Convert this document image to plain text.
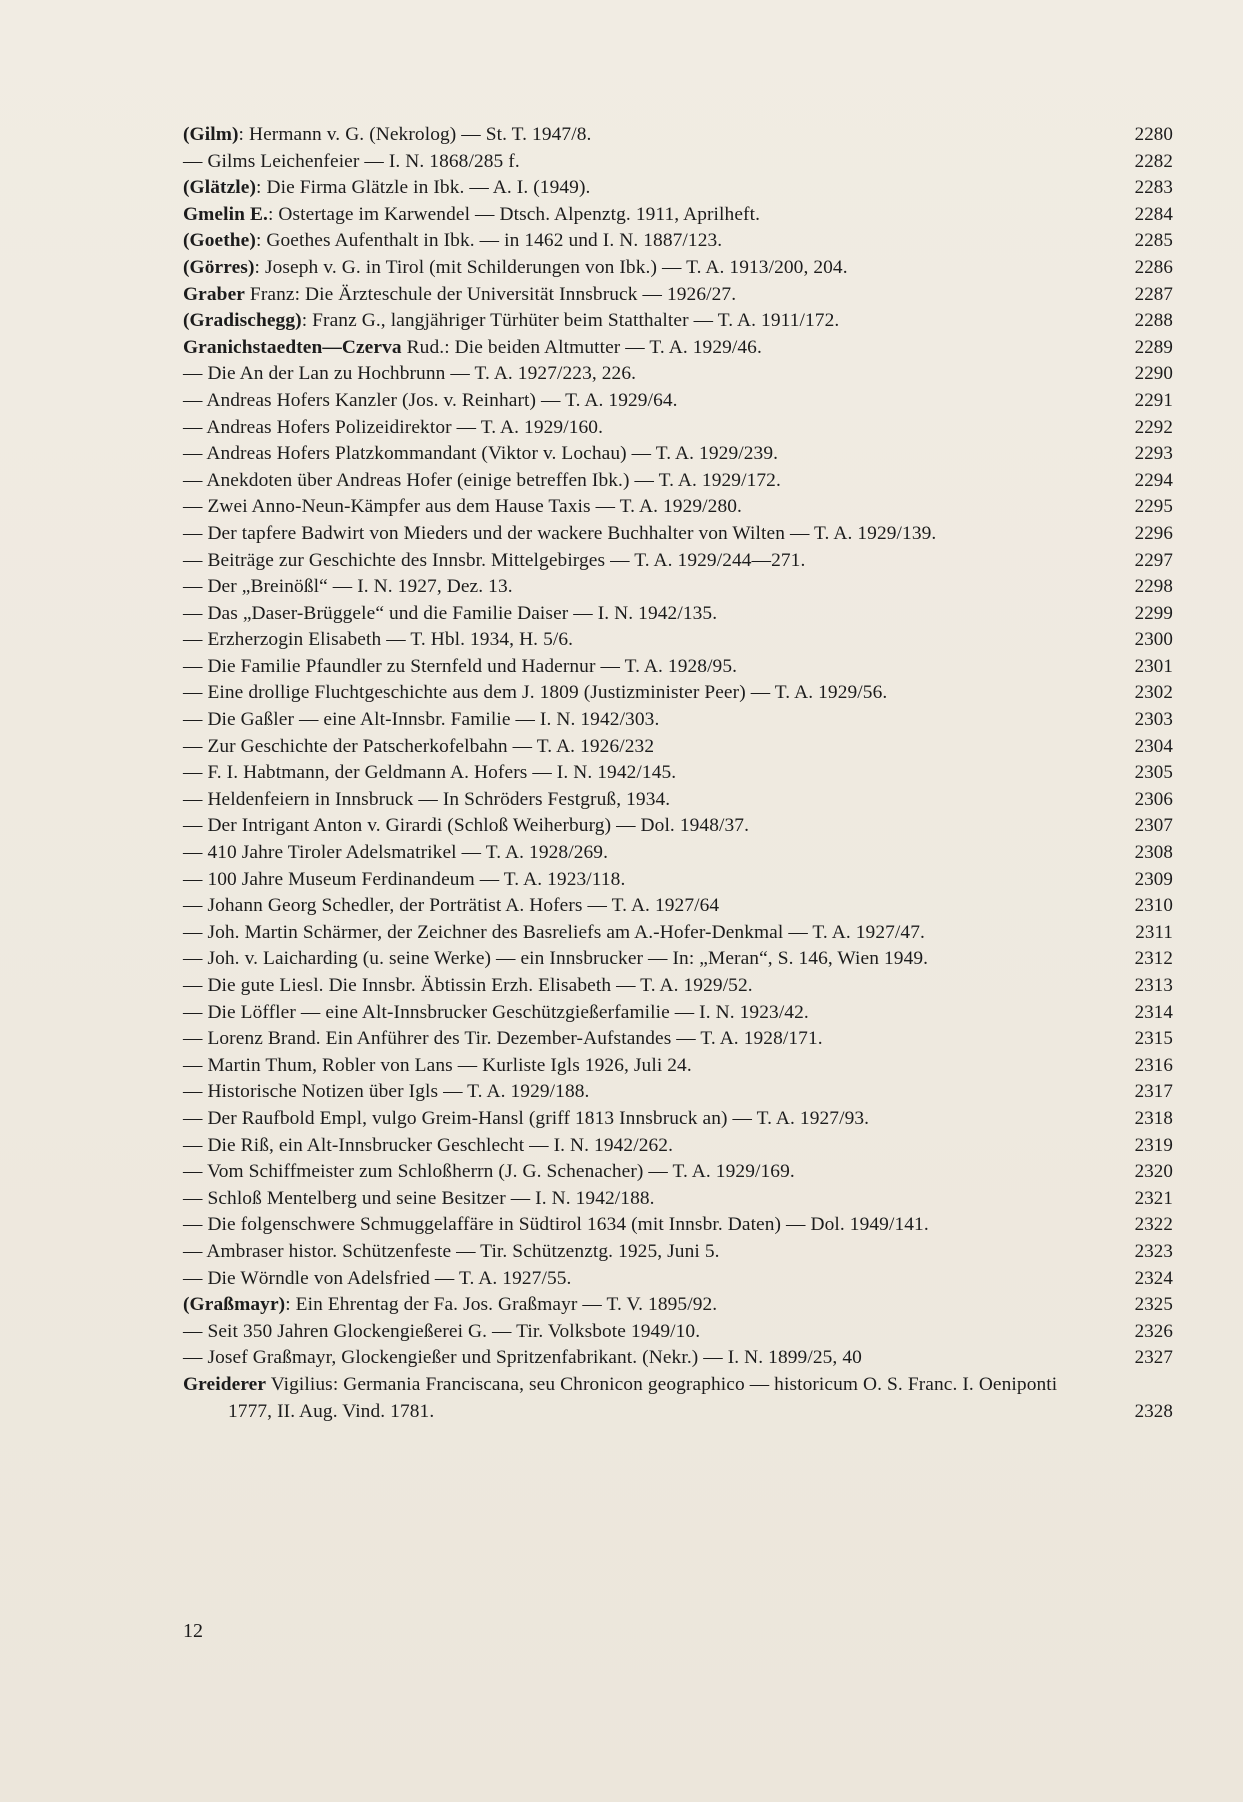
(Gilm): Hermann v. G. (Nekrolog) — St. T. 1947/8.	2280
— Gilms Leichenfeier — I. N. 1868/285 f.	2282
(Glätzle): Die Firma Glätzle in Ibk. — A. I. (1949).	2283
Gmelin E.: Ostertage im Karwendel — Dtsch. Alpenztg. 1911, Aprilheft.	2284
(Goethe): Goethes Aufenthalt in Ibk. — in 1462 und I. N. 1887/123.	2285
(Görres): Joseph v. G. in Tirol (mit Schilderungen von Ibk.) — T. A. 1913/200, 204.	2286
Graber Franz: Die Ärzteschule der Universität Innsbruck — 1926/27.	2287
(Gradischegg): Franz G., langjähriger Türhüter beim Statthalter — T. A. 1911/172.	2288
Granichstaedten—Czerva Rud.: Die beiden Altmutter — T. A. 1929/46.	2289
— Die An der Lan zu Hochbrunn — T. A. 1927/223, 226.	2290
— Andreas Hofers Kanzler (Jos. v. Reinhart) — T. A. 1929/64.	2291
— Andreas Hofers Polizeidirektor — T. A. 1929/160.	2292
— Andreas Hofers Platzkommandant (Viktor v. Lochau) — T. A. 1929/239.	2293
— Anekdoten über Andreas Hofer (einige betreffen Ibk.) — T. A. 1929/172.	2294
— Zwei Anno-Neun-Kämpfer aus dem Hause Taxis — T. A. 1929/280.	2295
— Der tapfere Badwirt von Mieders und der wackere Buchhalter von Wilten — T. A. 1929/139.	2296
— Beiträge zur Geschichte des Innsbr. Mittelgebirges — T. A. 1929/244—271.	2297
— Der „Breinößl“ — I. N. 1927, Dez. 13.	2298
— Das „Daser-Brüggele“ und die Familie Daiser — I. N. 1942/135.	2299
— Erzherzogin Elisabeth — T. Hbl. 1934, H. 5/6.	2300
— Die Familie Pfaundler zu Sternfeld und Hadernur — T. A. 1928/95.	2301
— Eine drollige Fluchtgeschichte aus dem J. 1809 (Justizminister Peer) — T. A. 1929/56.	2302
— Die Gaßler — eine Alt-Innsbr. Familie — I. N. 1942/303.	2303
— Zur Geschichte der Patscherkofelbahn — T. A. 1926/232	2304
— F. I. Habtmann, der Geldmann A. Hofers — I. N. 1942/145.	2305
— Heldenfeiern in Innsbruck — In Schröders Festgruß, 1934.	2306
— Der Intrigant Anton v. Girardi (Schloß Weiherburg) — Dol. 1948/37.	2307
— 410 Jahre Tiroler Adelsmatrikel — T. A. 1928/269.	2308
— 100 Jahre Museum Ferdinandeum — T. A. 1923/118.	2309
— Johann Georg Schedler, der Porträtist A. Hofers — T. A. 1927/64	2310
— Joh. Martin Schärmer, der Zeichner des Basreliefs am A.-Hofer-Denkmal — T. A. 1927/47.	2311
— Joh. v. Laicharding (u. seine Werke) — ein Innsbrucker — In: „Meran“, S. 146, Wien 1949.	2312
— Die gute Liesl. Die Innsbr. Äbtissin Erzh. Elisabeth — T. A. 1929/52.	2313
— Die Löffler — eine Alt-Innsbrucker Geschützgießerfamilie — I. N. 1923/42.	2314
— Lorenz Brand. Ein Anführer des Tir. Dezember-Aufstandes — T. A. 1928/171.	2315
— Martin Thum, Robler von Lans — Kurliste Igls 1926, Juli 24.	2316
— Historische Notizen über Igls — T. A. 1929/188.	2317
— Der Raufbold Empl, vulgo Greim-Hansl (griff 1813 Innsbruck an) — T. A. 1927/93.	2318
— Die Riß, ein Alt-Innsbrucker Geschlecht — I. N. 1942/262.	2319
— Vom Schiffmeister zum Schloßherrn (J. G. Schenacher) — T. A. 1929/169.	2320
— Schloß Mentelberg und seine Besitzer — I. N. 1942/188.	2321
— Die folgenschwere Schmuggelaffäre in Südtirol 1634 (mit Innsbr. Daten) — Dol. 1949/141.	2322
— Ambraser histor. Schützenfeste — Tir. Schützenztg. 1925, Juni 5.	2323
— Die Wörndle von Adelsfried — T. A. 1927/55.	2324
(Graßmayr): Ein Ehrentag der Fa. Jos. Graßmayr — T. V. 1895/92.	2325
— Seit 350 Jahren Glockengießerei G. — Tir. Volksbote 1949/10.	2326
— Josef Graßmayr, Glockengießer und Spritzenfabrikant. (Nekr.) — I. N. 1899/25, 40	2327
Greiderer Vigilius: Germania Franciscana, seu Chronicon geographico — historicum O. S. Franc. I. Oeniponti 1777, II. Aug. Vind. 1781.	2328
12
